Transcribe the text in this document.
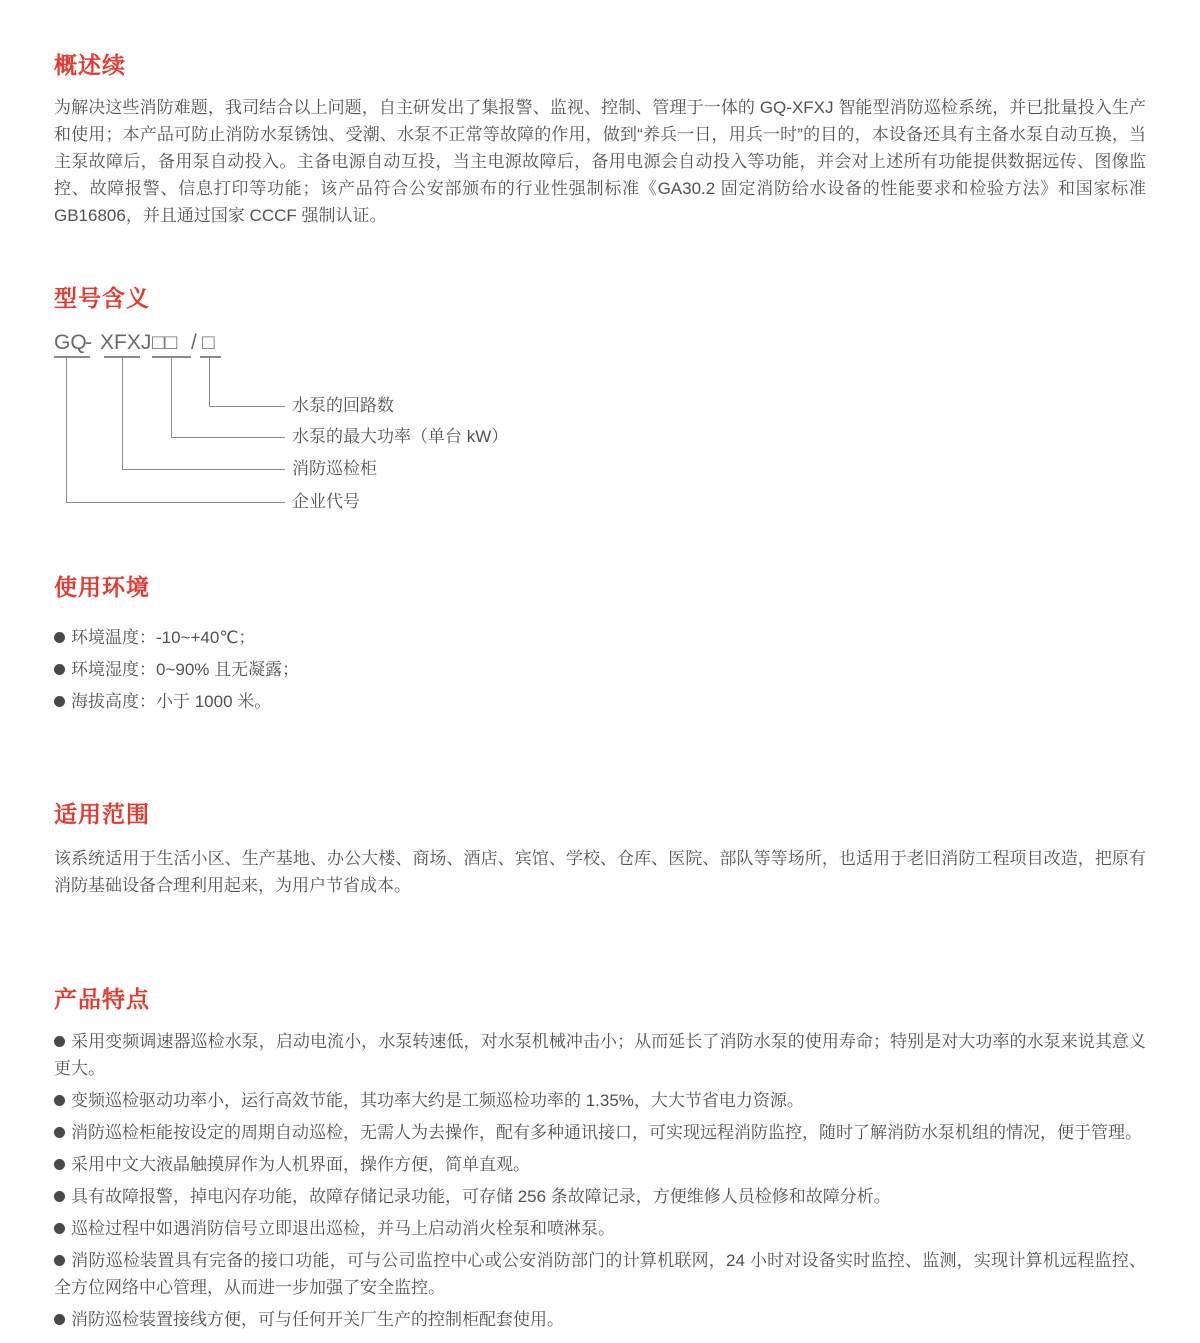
概述续

为解决这些消防难题，我司结合以上问题，自主研发出了集报警、监视、控制、管理于一体的 GQ-XFXJ 智能型消防巡检系统，并已批量投入生产和使用；本产品可防止消防水泵锈蚀、受潮、水泵不正常等故障的作用，做到“养兵一日，用兵一时”的目的，本设备还具有主备水泵自动互换，当主泵故障后，备用泵自动投入。主备电源自动互投，当主电源故障后，备用电源会自动投入等功能，并会对上述所有功能提供数据远传、图像监控、故障报警、信息打印等功能；该产品符合公安部颁布的行业性强制标准《GA30.2 固定消防给水设备的性能要求和检验方法》和国家标准 GB16806，并且通过国家 CCCF 强制认证。

型号含义
GQ
- XFXJ □□ / □
水泵的回路数
水泵的最大功率（单台 kW）
消防巡检柜
企业代号
使用环境
环境温度：-10~+40℃；
环境湿度：0~90% 且无凝露；
海拔高度：小于 1000 米。
适用范围

该系统适用于生活小区、生产基地、办公大楼、商场、酒店、宾馆、学校、仓库、医院、部队等等场所，也适用于老旧消防工程项目改造，把原有消防基础设备合理利用起来，为用户节省成本。

产品特点
采用变频调速器巡检水泵，启动电流小，水泵转速低，对水泵机械冲击小；从而延长了消防水泵的使用寿命；特别是对大功率的水泵来说其意义更大。
变频巡检驱动功率小，运行高效节能，其功率大约是工频巡检功率的 1.35%，大大节省电力资源。
消防巡检柜能按设定的周期自动巡检，无需人为去操作，配有多种通讯接口，可实现远程消防监控，随时了解消防水泵机组的情况，便于管理。
采用中文大液晶触摸屏作为人机界面，操作方便，简单直观。
具有故障报警，掉电闪存功能，故障存储记录功能，可存储 256 条故障记录，方便维修人员检修和故障分析。
巡检过程中如遇消防信号立即退出巡检，并马上启动消火栓泵和喷淋泵。
消防巡检装置具有完备的接口功能，可与公司监控中心或公安消防部门的计算机联网，24 小时对设备实时监控、监测，实现计算机远程监控、全方位网络中心管理，从而进一步加强了安全监控。
消防巡检装置接线方便，可与任何开关厂生产的控制柜配套使用。
